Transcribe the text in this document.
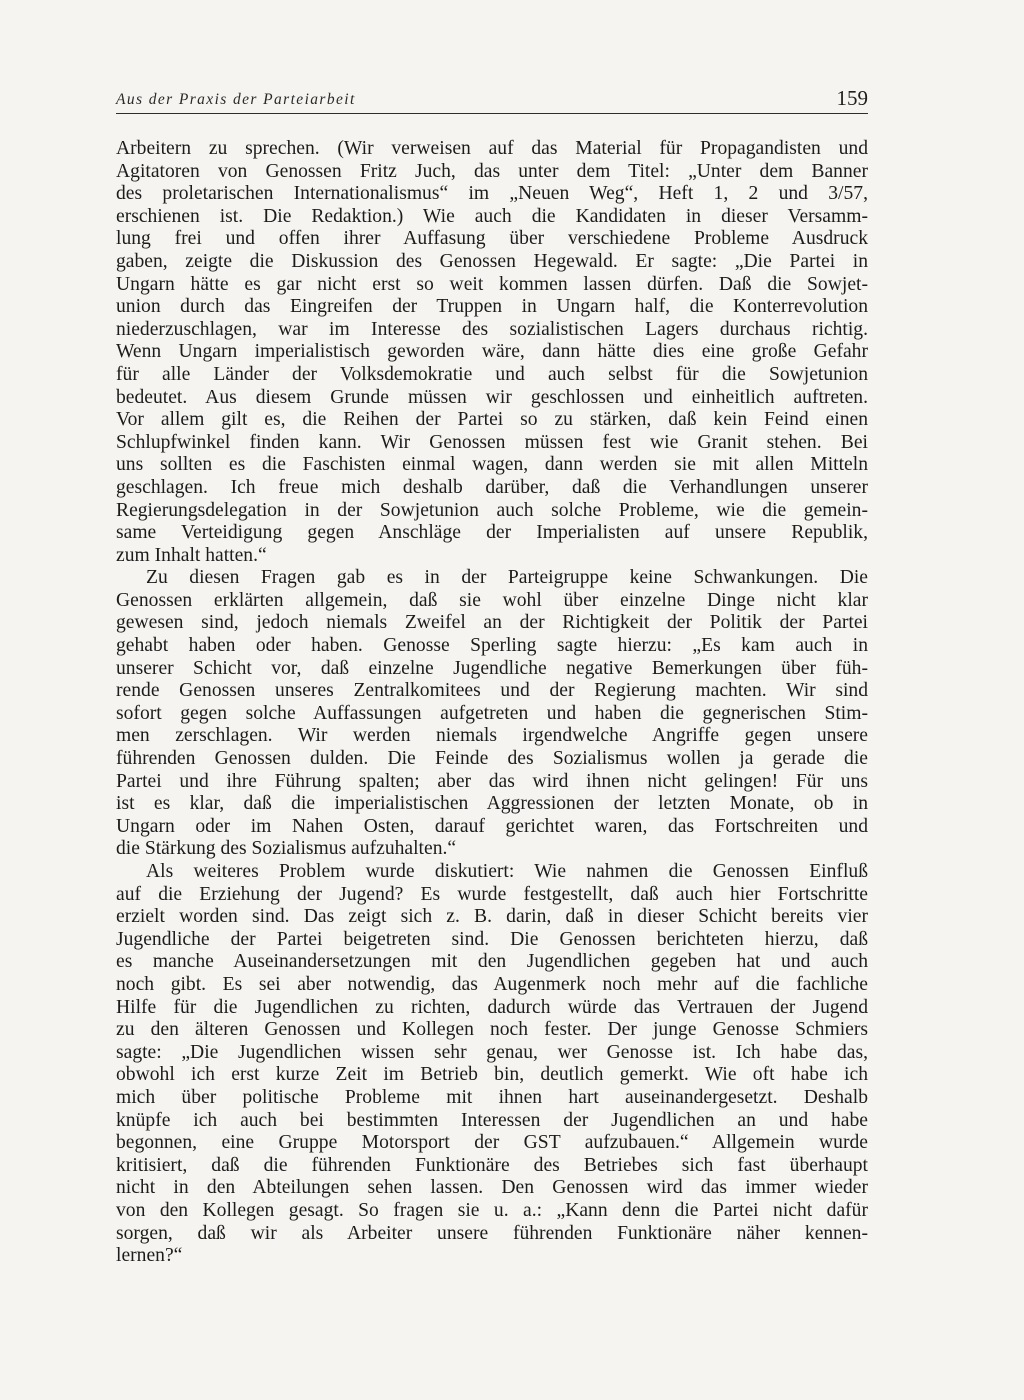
Aus der Praxis der Parteiarbeit	159

Arbeitern zu sprechen. (Wir verweisen auf das Material für Propagandisten und

Agitatoren von Genossen Fritz Juch, das unter dem Titel: „Unter dem Banner

des proletarischen Internationalismus“ im „Neuen Weg“, Heft 1, 2 und 3/57,

erschienen ist. Die Redaktion.) Wie auch die Kandidaten in dieser Versamm-

lung frei und offen ihrer Auffasung über verschiedene Probleme Ausdruck

gaben, zeigte die Diskussion des Genossen Hegewald. Er sagte: „Die Partei in

Ungarn hätte es gar nicht erst so weit kommen lassen dürfen. Daß die Sowjet-

union durch das Eingreifen der Truppen in Ungarn half, die Konterrevolution

niederzuschlagen, war im Interesse des sozialistischen Lagers durchaus richtig.

Wenn Ungarn imperialistisch geworden wäre, dann hätte dies eine große Gefahr

für alle Länder der Volksdemokratie und auch selbst für die Sowjetunion

bedeutet. Aus diesem Grunde müssen wir geschlossen und einheitlich auftreten.

Vor allem gilt es, die Reihen der Partei so zu stärken, daß kein Feind einen

Schlupfwinkel finden kann. Wir Genossen müssen fest wie Granit stehen. Bei

uns sollten es die Faschisten einmal wagen, dann werden sie mit allen Mitteln

geschlagen. Ich freue mich deshalb darüber, daß die Verhandlungen unserer

Regierungsdelegation in der Sowjetunion auch solche Probleme, wie die gemein-

same Verteidigung gegen Anschläge der Imperialisten auf unsere Republik,

zum Inhalt hatten.“

Zu diesen Fragen gab es in der Parteigruppe keine Schwankungen. Die

Genossen erklärten allgemein, daß sie wohl über einzelne Dinge nicht klar

gewesen sind, jedoch niemals Zweifel an der Richtigkeit der Politik der Partei

gehabt haben oder haben. Genosse Sperling sagte hierzu: „Es kam auch in

unserer Schicht vor, daß einzelne Jugendliche negative Bemerkungen über füh-

rende Genossen unseres Zentralkomitees und der Regierung machten. Wir sind

sofort gegen solche Auffassungen aufgetreten und haben die gegnerischen Stim-

men zerschlagen. Wir werden niemals irgendwelche Angriffe gegen unsere

führenden Genossen dulden. Die Feinde des Sozialismus wollen ja gerade die

Partei und ihre Führung spalten; aber das wird ihnen nicht gelingen! Für uns

ist es klar, daß die imperialistischen Aggressionen der letzten Monate, ob in

Ungarn oder im Nahen Osten, darauf gerichtet waren, das Fortschreiten und

die Stärkung des Sozialismus aufzuhalten.“

Als weiteres Problem wurde diskutiert: Wie nahmen die Genossen Einfluß

auf die Erziehung der Jugend? Es wurde festgestellt, daß auch hier Fortschritte

erzielt worden sind. Das zeigt sich z. B. darin, daß in dieser Schicht bereits vier

Jugendliche der Partei beigetreten sind. Die Genossen berichteten hierzu, daß

es manche Auseinandersetzungen mit den Jugendlichen gegeben hat und auch

noch gibt. Es sei aber notwendig, das Augenmerk noch mehr auf die fachliche

Hilfe für die Jugendlichen zu richten, dadurch würde das Vertrauen der Jugend

zu den älteren Genossen und Kollegen noch fester. Der junge Genosse Schmiers

sagte: „Die Jugendlichen wissen sehr genau, wer Genosse ist. Ich habe das,

obwohl ich erst kurze Zeit im Betrieb bin, deutlich gemerkt. Wie oft habe ich

mich über politische Probleme mit ihnen hart auseinandergesetzt. Deshalb

knüpfe ich auch bei bestimmten Interessen der Jugendlichen an und habe

begonnen, eine Gruppe Motorsport der GST aufzubauen.“ Allgemein wurde

kritisiert, daß die führenden Funktionäre des Betriebes sich fast überhaupt

nicht in den Abteilungen sehen lassen. Den Genossen wird das immer wieder

von den Kollegen gesagt. So fragen sie u. a.: „Kann denn die Partei nicht dafür

sorgen, daß wir als Arbeiter unsere führenden Funktionäre näher kennen-

lernen?“
